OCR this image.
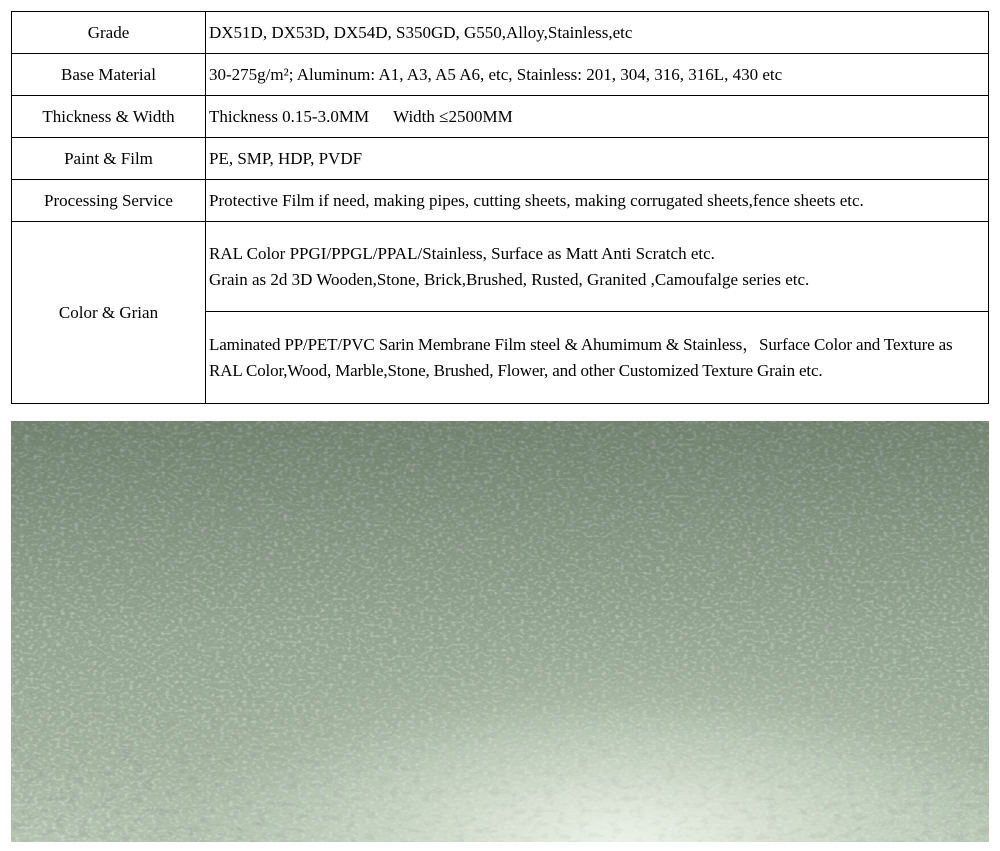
Grade	DX51D, DX53D, DX54D, S350GD, G550,Alloy,Stainless,etc
Base Material	30-275g/m²; Aluminum: A1, A3, A5 A6, etc, Stainless: 201, 304, 316, 316L, 430 etc
Thickness & Width	Thickness 0.15-3.0MM Width ≤2500MM
Paint & Film	PE, SMP, HDP, PVDF
Processing Service	Protective Film if need, making pipes, cutting sheets, making corrugated sheets,fence sheets etc.
Color & Grian	RAL Color PPGI/PPGL/PPAL/Stainless, Surface as Matt Anti Scratch etc.
Grain as 2d 3D Wooden,Stone, Brick,Brushed, Rusted, Granited ,Camoufalge series etc.

	Laminated PP/PET/PVC Sarin Membrane Film steel & Ahumimum & Stainless，Surface Color and Texture as RAL Color,Wood, Marble,Stone, Brushed, Flower, and other Customized Texture Grain etc.
